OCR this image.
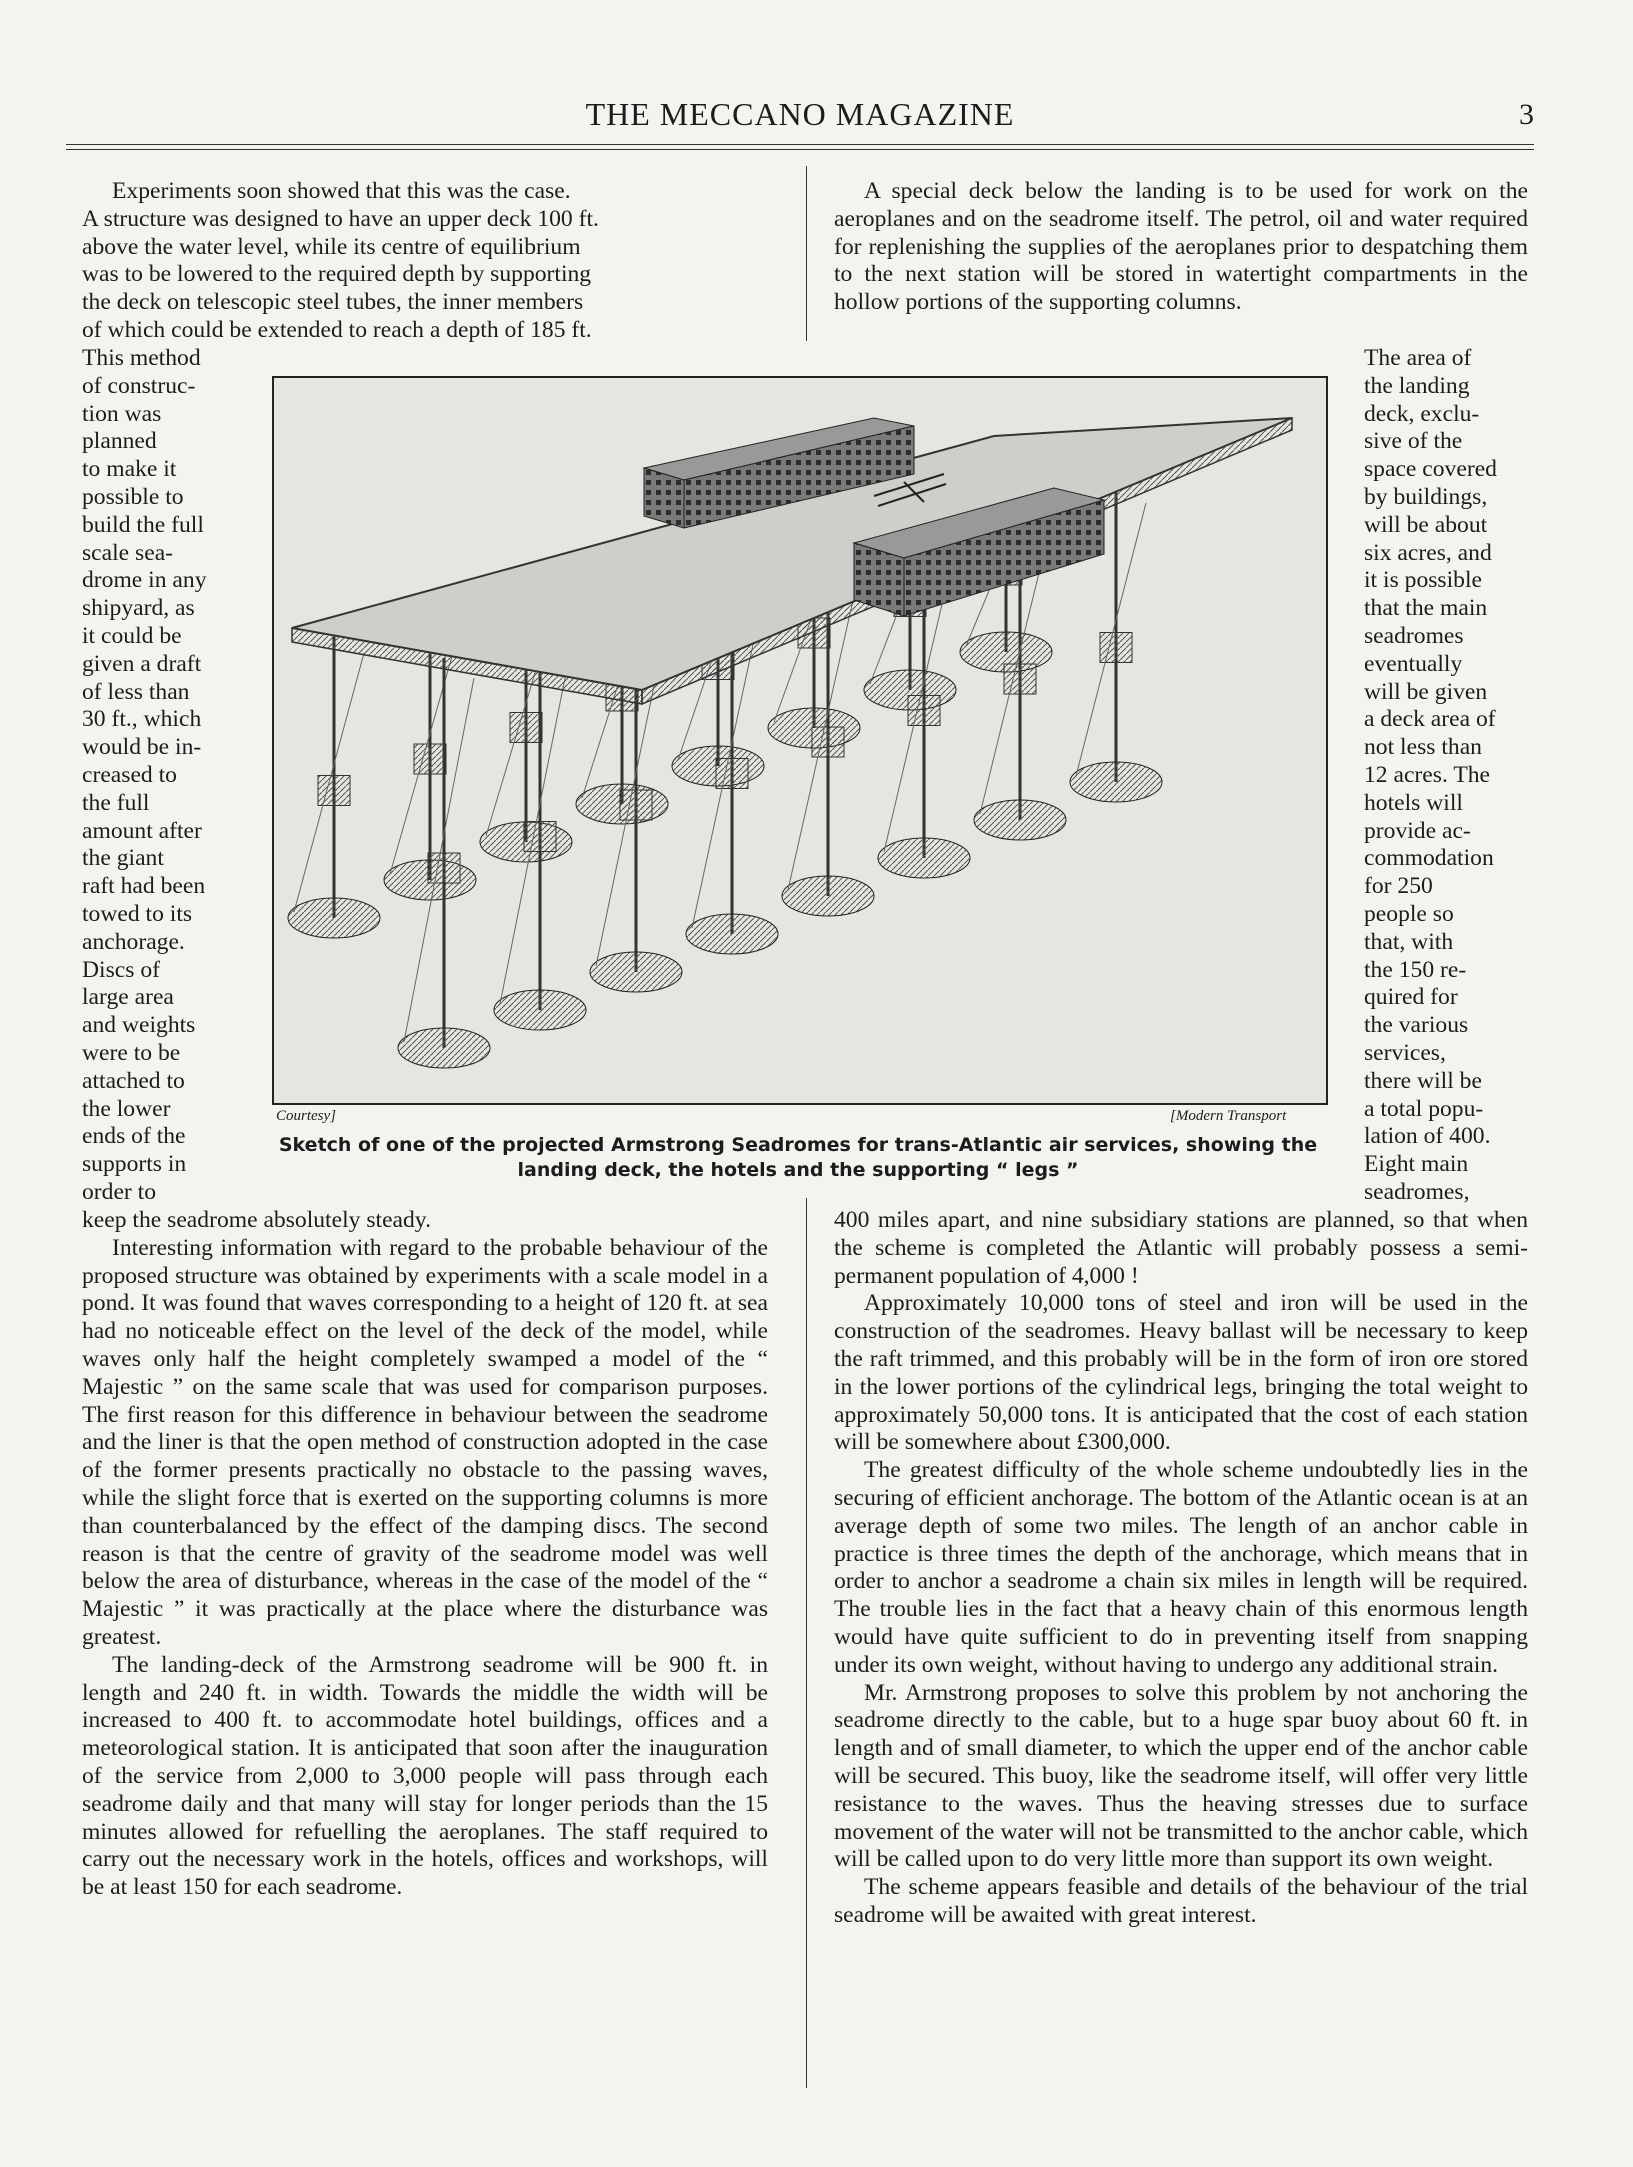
THE MECCANO MAGAZINE	3

Experiments soon showed that this was the case.
A structure was designed to have an upper deck 100 ft.
above the water level, while its centre of equilibrium
was to be lowered to the required depth by supporting
the deck on telescopic steel tubes, the inner members
of which could be extended to reach a depth of 185 ft.

This method
of construc-
tion was
planned
to make it
possible to
build the full
scale sea-
drome in any
shipyard, as
it could be
given a draft
of less than
30 ft., which
would be in-
creased to
the full
amount after
the giant
raft had been
towed to its
anchorage.
Discs of
large area
and weights
were to be
attached to
the lower
ends of the
supports in
order to
Courtesy]	[Modern Transport
Sketch of one of the projected Armstrong Seadromes for trans-Atlantic air services, showing the landing deck, the hotels and the supporting “ legs ”

A special deck below the landing is to be used for work on the aeroplanes and on the seadrome itself. The petrol, oil and water required for replenishing the supplies of the aeroplanes prior to despatching them to the next station will be stored in watertight compartments in the hollow portions of the supporting columns.

The area of
the landing
deck, exclu-
sive of the
space covered
by buildings,
will be about
six acres, and
it is possible
that the main
seadromes
eventually
will be given
a deck area of
not less than
12 acres. The
hotels will
provide ac-
commodation
for 250
people so
that, with
the 150 re-
quired for
the various
services,
there will be
a total popu-
lation of 400.
Eight main
seadromes,

keep the seadrome absolutely steady.

Interesting information with regard to the probable behaviour of the proposed structure was obtained by experiments with a scale model in a pond. It was found that waves corresponding to a height of 120 ft. at sea had no noticeable effect on the level of the deck of the model, while waves only half the height completely swamped a model of the “ Majestic ” on the same scale that was used for comparison purposes. The first reason for this difference in behaviour between the seadrome and the liner is that the open method of construction adopted in the case of the former presents practically no obstacle to the passing waves, while the slight force that is exerted on the supporting columns is more than counterbalanced by the effect of the damping discs. The second reason is that the centre of gravity of the seadrome model was well below the area of disturbance, whereas in the case of the model of the “ Majestic ” it was practically at the place where the disturbance was greatest.

The landing-deck of the Armstrong seadrome will be 900 ft. in length and 240 ft. in width. Towards the middle the width will be increased to 400 ft. to accommodate hotel buildings, offices and a meteorological station. It is anticipated that soon after the inauguration of the service from 2,000 to 3,000 people will pass through each seadrome daily and that many will stay for longer periods than the 15 minutes allowed for refuelling the aeroplanes. The staff required to carry out the necessary work in the hotels, offices and workshops, will be at least 150 for each seadrome.

400 miles apart, and nine subsidiary stations are planned, so that when the scheme is completed the Atlantic will probably possess a semi-permanent population of 4,000 !

Approximately 10,000 tons of steel and iron will be used in the construction of the seadromes. Heavy ballast will be necessary to keep the raft trimmed, and this probably will be in the form of iron ore stored in the lower portions of the cylindrical legs, bringing the total weight to approximately 50,000 tons. It is anticipated that the cost of each station will be somewhere about £300,000.

The greatest difficulty of the whole scheme undoubtedly lies in the securing of efficient anchorage. The bottom of the Atlantic ocean is at an average depth of some two miles. The length of an anchor cable in practice is three times the depth of the anchorage, which means that in order to anchor a seadrome a chain six miles in length will be required. The trouble lies in the fact that a heavy chain of this enormous length would have quite sufficient to do in preventing itself from snapping under its own weight, without having to undergo any additional strain.

Mr. Armstrong proposes to solve this problem by not anchoring the seadrome directly to the cable, but to a huge spar buoy about 60 ft. in length and of small diameter, to which the upper end of the anchor cable will be secured. This buoy, like the seadrome itself, will offer very little resistance to the waves. Thus the heaving stresses due to surface movement of the water will not be transmitted to the anchor cable, which will be called upon to do very little more than support its own weight.

The scheme appears feasible and details of the behaviour of the trial seadrome will be awaited with great interest.
